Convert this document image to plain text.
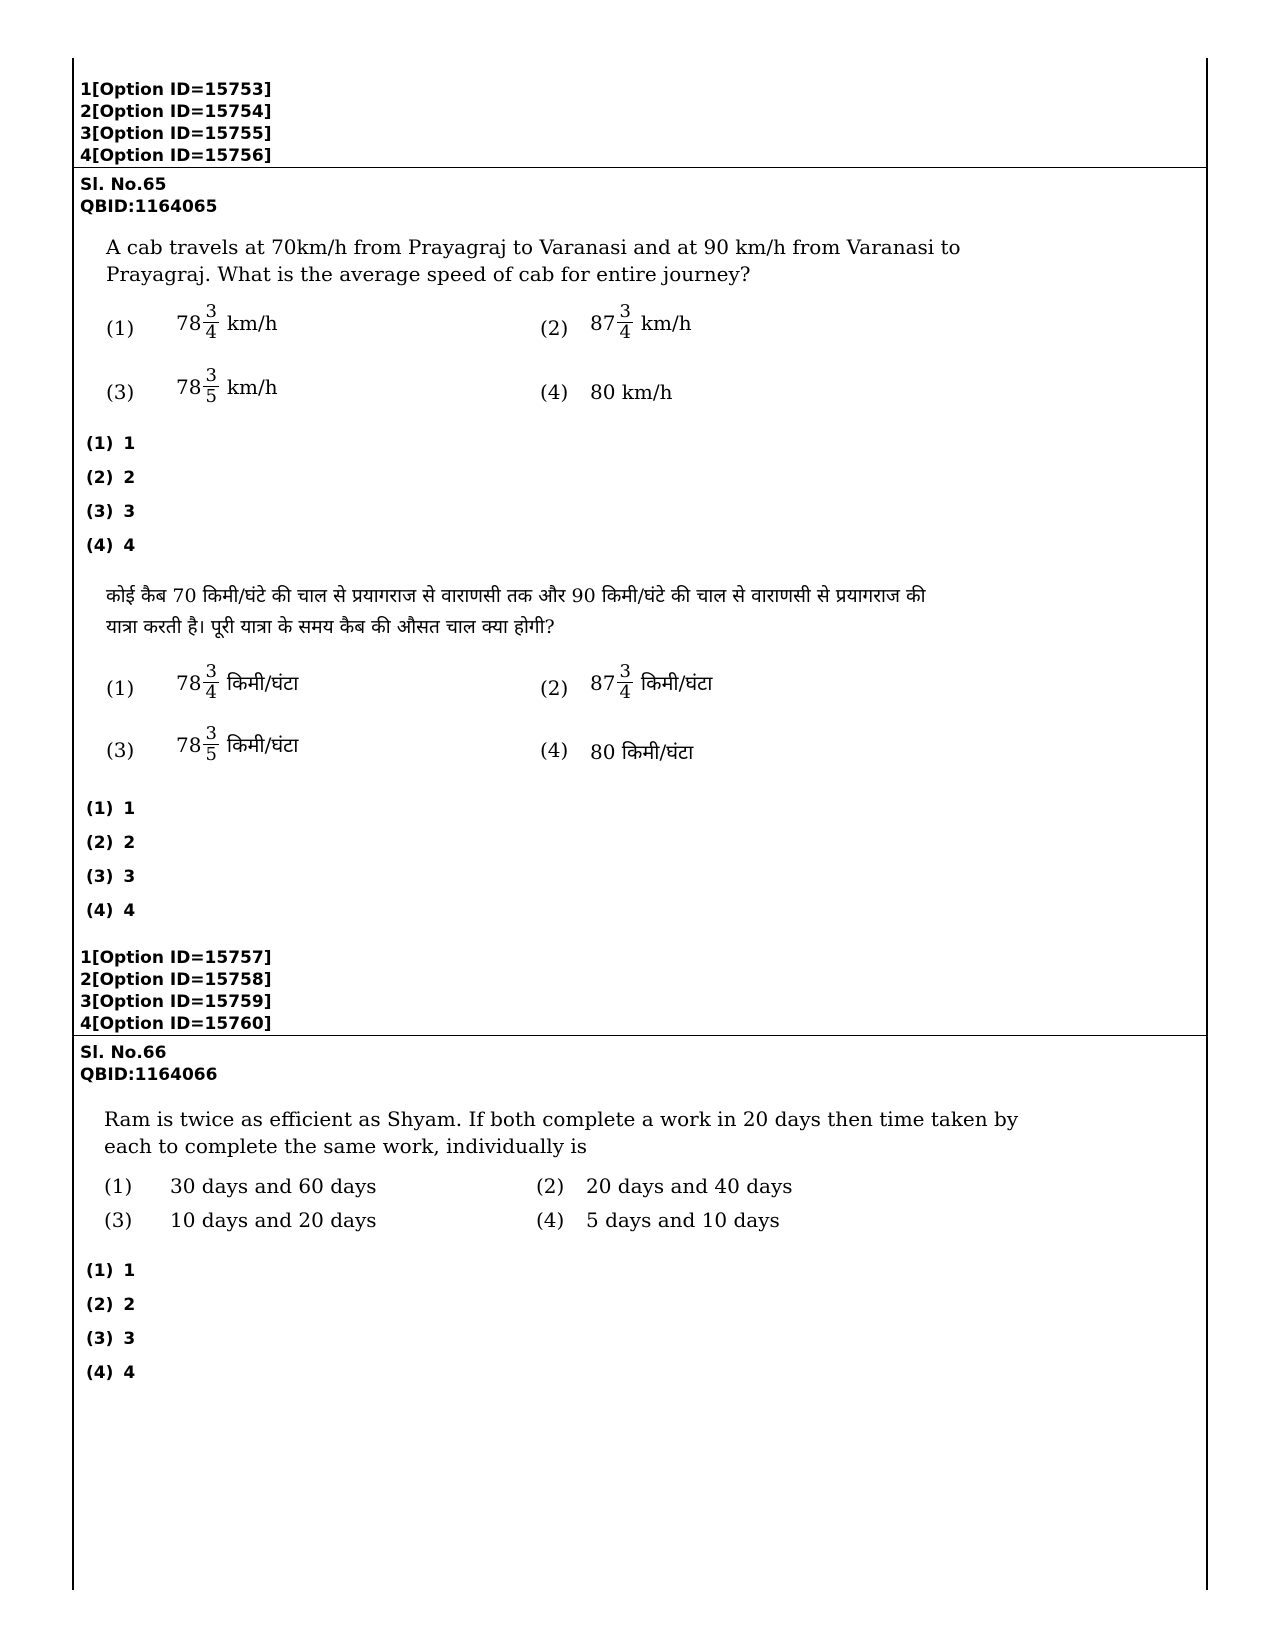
1[Option ID=15753]
2[Option ID=15754]
3[Option ID=15755]
4[Option ID=15756]
Sl. No.65
QBID:1164065
A cab travels at 70km/h from Prayagraj to Varanasi and at 90 km/h from Varanasi to Prayagraj. What is the average speed of cab for entire journey?
(1) $78 \frac{3}{4} km/h$	(2) $87 \frac{3}{4} km/h$
(3) $78 \frac{3}{5} km/h$	(4) 80 km/h
(1) 1
(2) 2
(3) 3
(4) 4
कोई कैब 70 किमी/घंटे की चाल से प्रयागराज से वाराणसी तक और 90 किमी/घंटे की चाल से वाराणसी से प्रयागराज की
यात्रा करती है। पूरी यात्रा के समय कैब की औसत चाल क्या होगी?
(1) $78 \frac{3}{4}$ किमी/घंटा	(2) $87 \frac{3}{4}$ किमी/घंटा
(3) $78 \frac{3}{5}$ किमी/घंटा	(4) 80 किमी/घंटा
(1) 1
(2) 2
(3) 3
(4) 4
1[Option ID=15757]
2[Option ID=15758]
3[Option ID=15759]
4[Option ID=15760]
Sl. No.66
QBID:1164066
Ram is twice as efficient as Shyam. If both complete a work in 20 days then time taken by each to complete the same work, individually is
(1) 30 days and 60 days	(2) 20 days and 40 days
(3) 10 days and 20 days	(4) 5 days and 10 days
(1) 1
(2) 2
(3) 3
(4) 4
